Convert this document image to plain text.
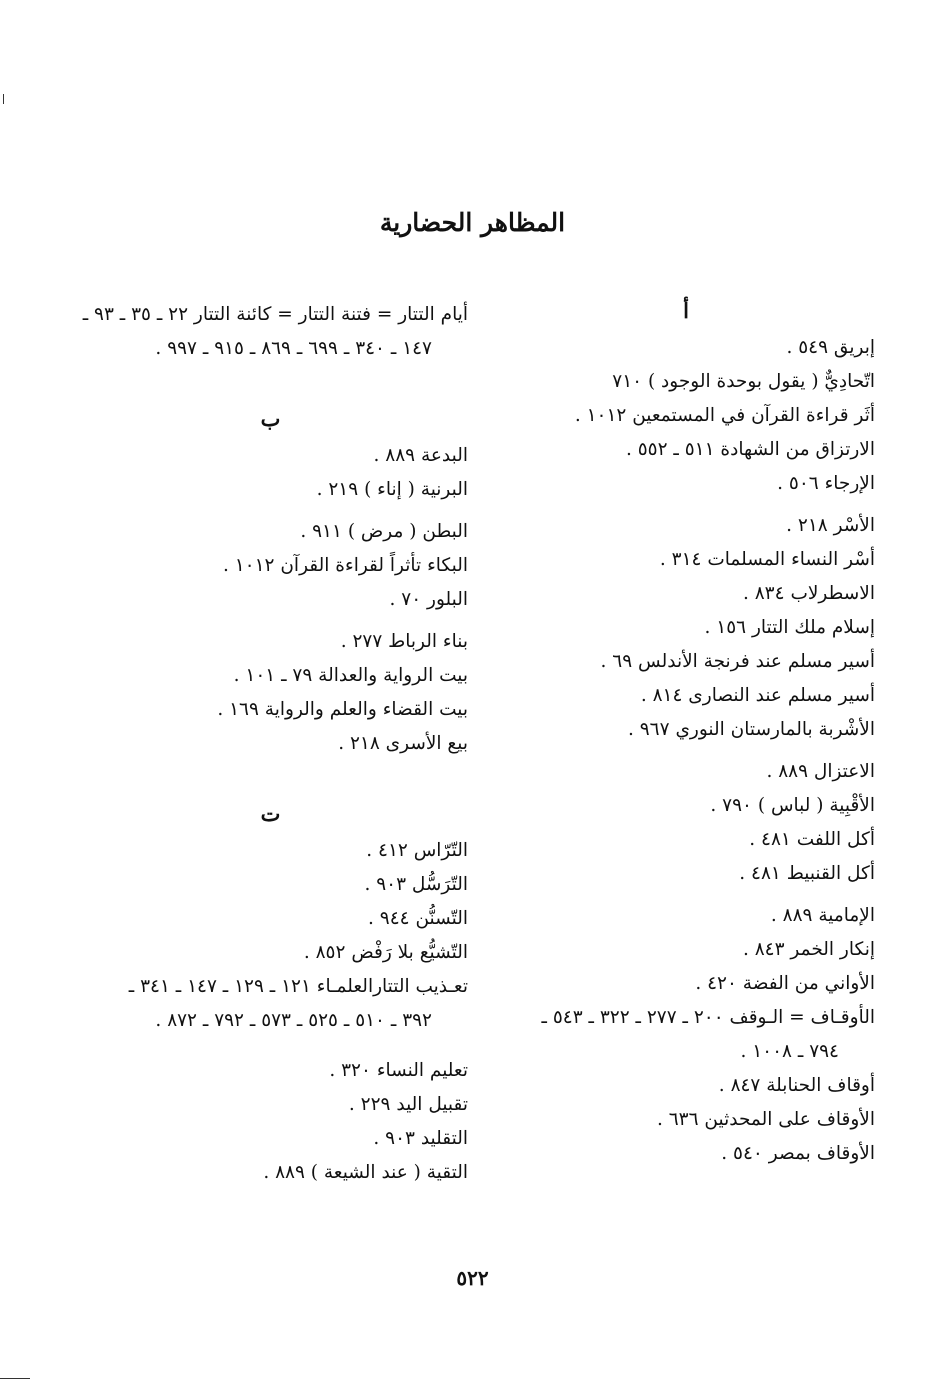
المظاهر الحضارية
أ
إبريق ٥٤٩ .
اتّحادِيٌّ ( يقول بوحدة الوجود ) ٧١٠
أثَر قراءة القرآن في المستمعين ١٠١٢ .
الارتزاق من الشهادة ٥١١ ـ ٥٥٢ .
الإرجاء ٥٠٦ .
الأسْر ٢١٨ .
أسْر النساء المسلمات ٣١٤ .
الاسطرلاب ٨٣٤ .
إسلام ملك التتار ١٥٦ .
أسير مسلم عند فرنجة الأندلس ٦٩ .
أسير مسلم عند النصارى ٨١٤ .
الأشْربة بالمارستان النوري ٩٦٧ .
الاعتزال ٨٨٩ .
الأقْبِية ( لباس ) ٧٩٠ .
أكل اللفت ٤٨١ .
أكل القنبيط ٤٨١ .
الإمامية ٨٨٩ .
إنكار الخمر ٨٤٣ .
الأواني من الفضة ٤٢٠ .
الأوقـاف = الـوقف ٢٠٠ ـ ٢٧٧ ـ ٣٢٢ ـ ٥٤٣ ـ
٧٩٤ ـ ١٠٠٨ .
أوقاف الحنابلة ٨٤٧ .
الأوقاف على المحدثين ٦٣٦ .
الأوقاف بمصر ٥٤٠ .
أيام التتار = فتنة التتار = كائنة التتار ٢٢ ـ ٣٥ ـ ٩٣ ـ
١٤٧ ـ ٣٤٠ ـ ٦٩٩ ـ ٨٦٩ ـ ٩١٥ ـ ٩٩٧ .
ب
البدعة ٨٨٩ .
البرنية ( إناء ) ٢١٩ .
البطن ( مرض ) ٩١١ .
البكاء تأثراً لقراءة القرآن ١٠١٢ .
البلور ٧٠ .
بناء الرباط ٢٧٧ .
بيت الرواية والعدالة ٧٩ ـ ١٠١ .
بيت القضاء والعلم والرواية ١٦٩ .
بيع الأسرى ٢١٨ .
ت
التّرّاس ٤١٢ .
التّرَسُّل ٩٠٣ .
التّسنُّن ٩٤٤ .
التّشيُّع بلا رَفْض ٨٥٢ .
تعـذيب التتارالعلمـاء ١٢١ ـ ١٢٩ ـ ١٤٧ ـ ٣٤١ ـ
٣٩٢ ـ ٥١٠ ـ ٥٢٥ ـ ٥٧٣ ـ ٧٩٢ ـ ٨٧٢ .
تعليم النساء ٣٢٠ .
تقبيل اليد ٢٢٩ .
التقليد ٩٠٣ .
التقية ( عند الشيعة ) ٨٨٩ .
٥٢٢
